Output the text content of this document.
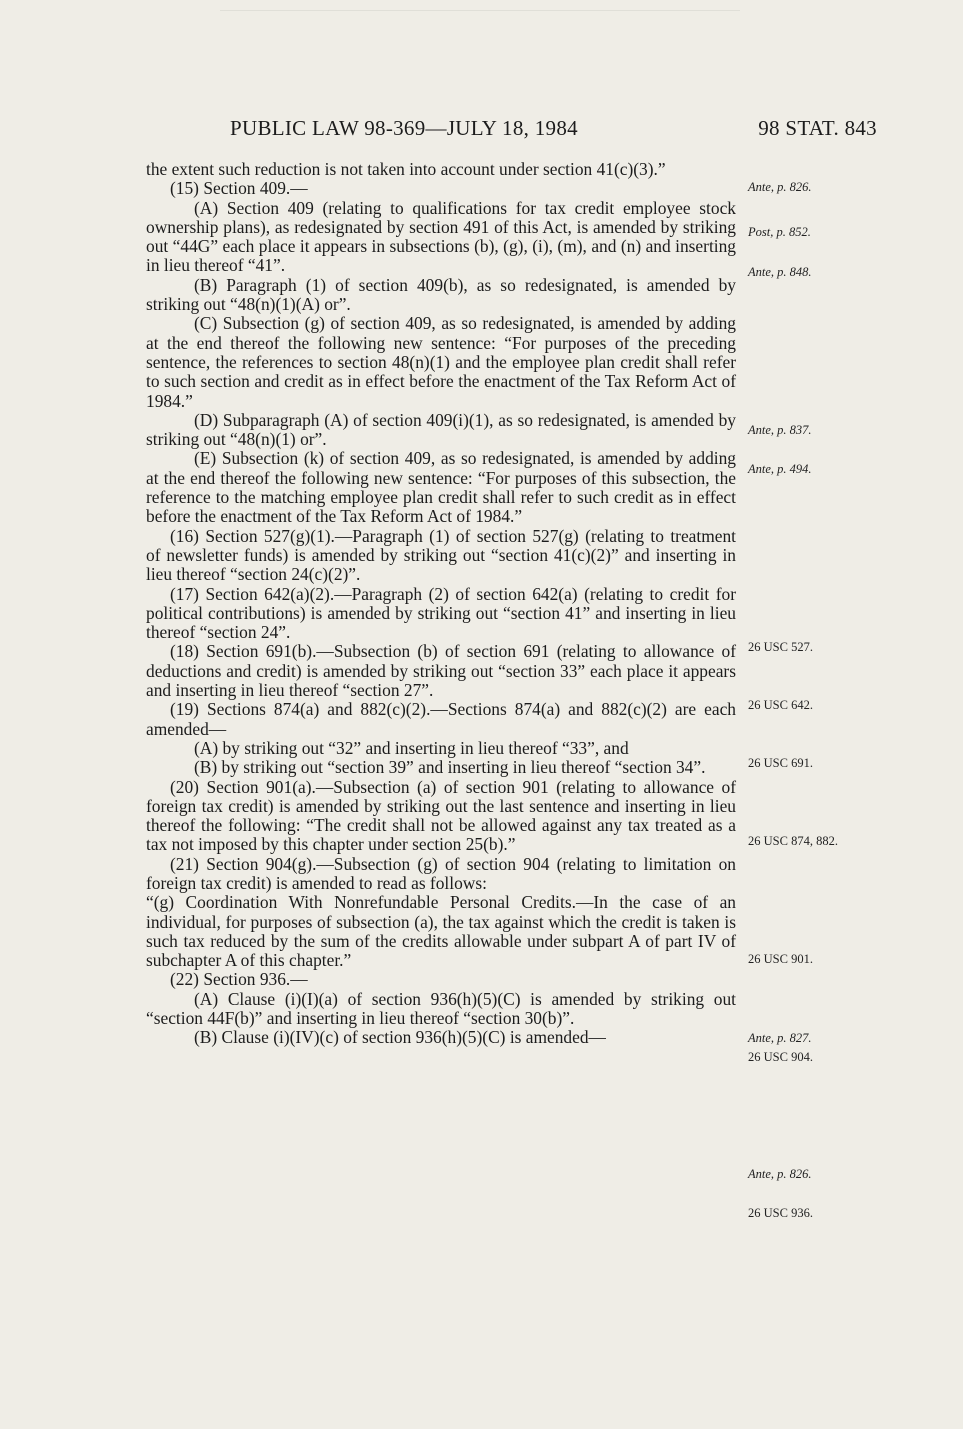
PUBLIC LAW 98-369—JULY 18, 1984	98 STAT. 843

the extent such reduction is not taken into account under section 41(c)(3).”

(15) Section 409.—

(A) Section 409 (relating to qualifications for tax credit employee stock ownership plans), as redesignated by section 491 of this Act, is amended by striking out “44G” each place it appears in subsections (b), (g), (i), (m), and (n) and inserting in lieu thereof “41”.

(B) Paragraph (1) of section 409(b), as so redesignated, is amended by striking out “48(n)(1)(A) or”.

(C) Subsection (g) of section 409, as so redesignated, is amended by adding at the end thereof the following new sentence: “For purposes of the preceding sentence, the references to section 48(n)(1) and the employee plan credit shall refer to such section and credit as in effect before the enactment of the Tax Reform Act of 1984.”

(D) Subparagraph (A) of section 409(i)(1), as so redesignated, is amended by striking out “48(n)(1) or”.

(E) Subsection (k) of section 409, as so redesignated, is amended by adding at the end thereof the following new sentence: “For purposes of this subsection, the reference to the matching employee plan credit shall refer to such credit as in effect before the enactment of the Tax Reform Act of 1984.”

(16) Section 527(g)(1).—Paragraph (1) of section 527(g) (relating to treatment of newsletter funds) is amended by striking out “section 41(c)(2)” and inserting in lieu thereof “section 24(c)(2)”.

(17) Section 642(a)(2).—Paragraph (2) of section 642(a) (relating to credit for political contributions) is amended by striking out “section 41” and inserting in lieu thereof “section 24”.

(18) Section 691(b).—Subsection (b) of section 691 (relating to allowance of deductions and credit) is amended by striking out “section 33” each place it appears and inserting in lieu thereof “section 27”.

(19) Sections 874(a) and 882(c)(2).—Sections 874(a) and 882(c)(2) are each amended—

(A) by striking out “32” and inserting in lieu thereof “33”, and

(B) by striking out “section 39” and inserting in lieu thereof “section 34”.

(20) Section 901(a).—Subsection (a) of section 901 (relating to allowance of foreign tax credit) is amended by striking out the last sentence and inserting in lieu thereof the following: “The credit shall not be allowed against any tax treated as a tax not imposed by this chapter under section 25(b).”

(21) Section 904(g).—Subsection (g) of section 904 (relating to limitation on foreign tax credit) is amended to read as follows:

“(g) Coordination With Nonrefundable Personal Credits.—In the case of an individual, for purposes of subsection (a), the tax against which the credit is taken is such tax reduced by the sum of the credits allowable under subpart A of part IV of subchapter A of this chapter.”

(22) Section 936.—

(A) Clause (i)(I)(a) of section 936(h)(5)(C) is amended by striking out “section 44F(b)” and inserting in lieu thereof “section 30(b)”.

(B) Clause (i)(IV)(c) of section 936(h)(5)(C) is amended—

Ante, p. 826.
Post, p. 852.
Ante, p. 848.
Ante, p. 837.
Ante, p. 494.
26 USC 527.
26 USC 642.
26 USC 691.
26 USC 874, 882.
26 USC 901.
Ante, p. 827.
26 USC 904.
Ante, p. 826.
26 USC 936.
